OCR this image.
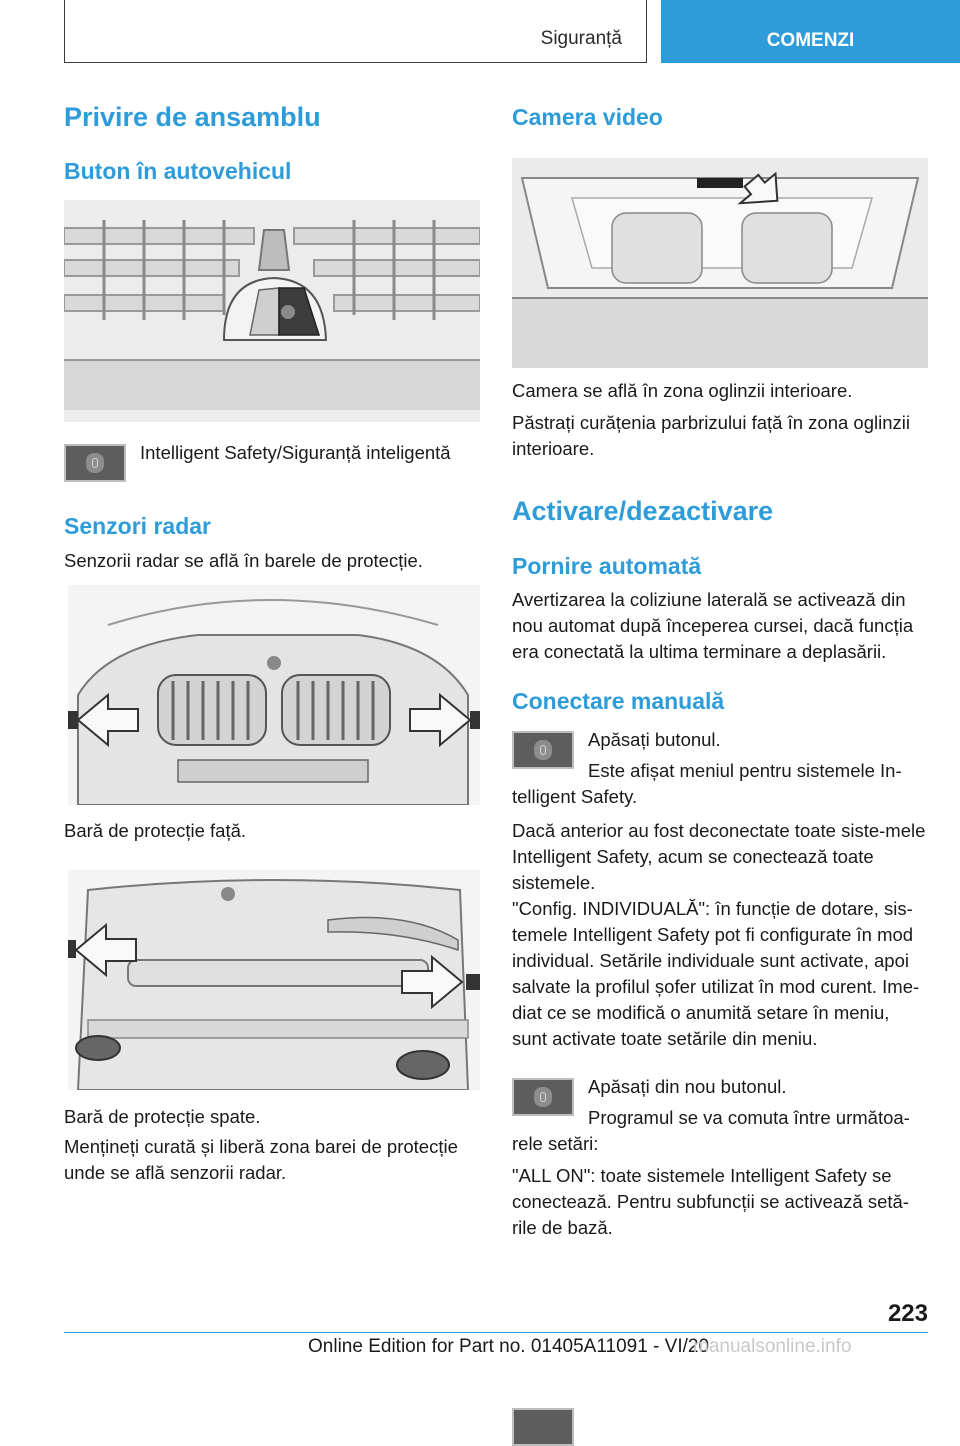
Siguranță	COMENZI
Privire de ansamblu
Buton în autovehicul

Intelligent Safety/Siguranță inteligentă

Senzori radar

Senzorii radar se află în barele de protecție.

Bară de protecție față.

Bară de protecție spate.

Mențineți curată și liberă zona barei de protecție unde se află senzorii radar.

Camera video

Camera se află în zona oglinzii interioare.

Păstrați curățenia parbrizului față în zona oglinzii interioare.

Activare/dezactivare
Pornire automată

Avertizarea la coliziune laterală se activează din nou automat după începerea cursei, dacă funcția era conectată la ultima terminare a deplasării.

Conectare manuală

Apăsați butonul.

Este afișat meniul pentru sistemele In-

telligent Safety.

Dacă anterior au fost deconectate toate siste-mele Intelligent Safety, acum se conectează toate sistemele.

"Config. INDIVIDUALĂ": în funcție de dotare, sis-temele Intelligent Safety pot fi configurate în mod individual. Setările individuale sunt activate, apoi salvate la profilul șofer utilizat în mod curent. Ime-diat ce se modifică o anumită setare în meniu, sunt activate toate setările din meniu.

Apăsați din nou butonul.

Programul se va comuta între următoa-

rele setări:

"ALL ON": toate sistemele Intelligent Safety se conectează. Pentru subfuncții se activează setă-rile de bază.

223
Online Edition for Part no. 01405A11091 - VI/20
manualsonline.info
